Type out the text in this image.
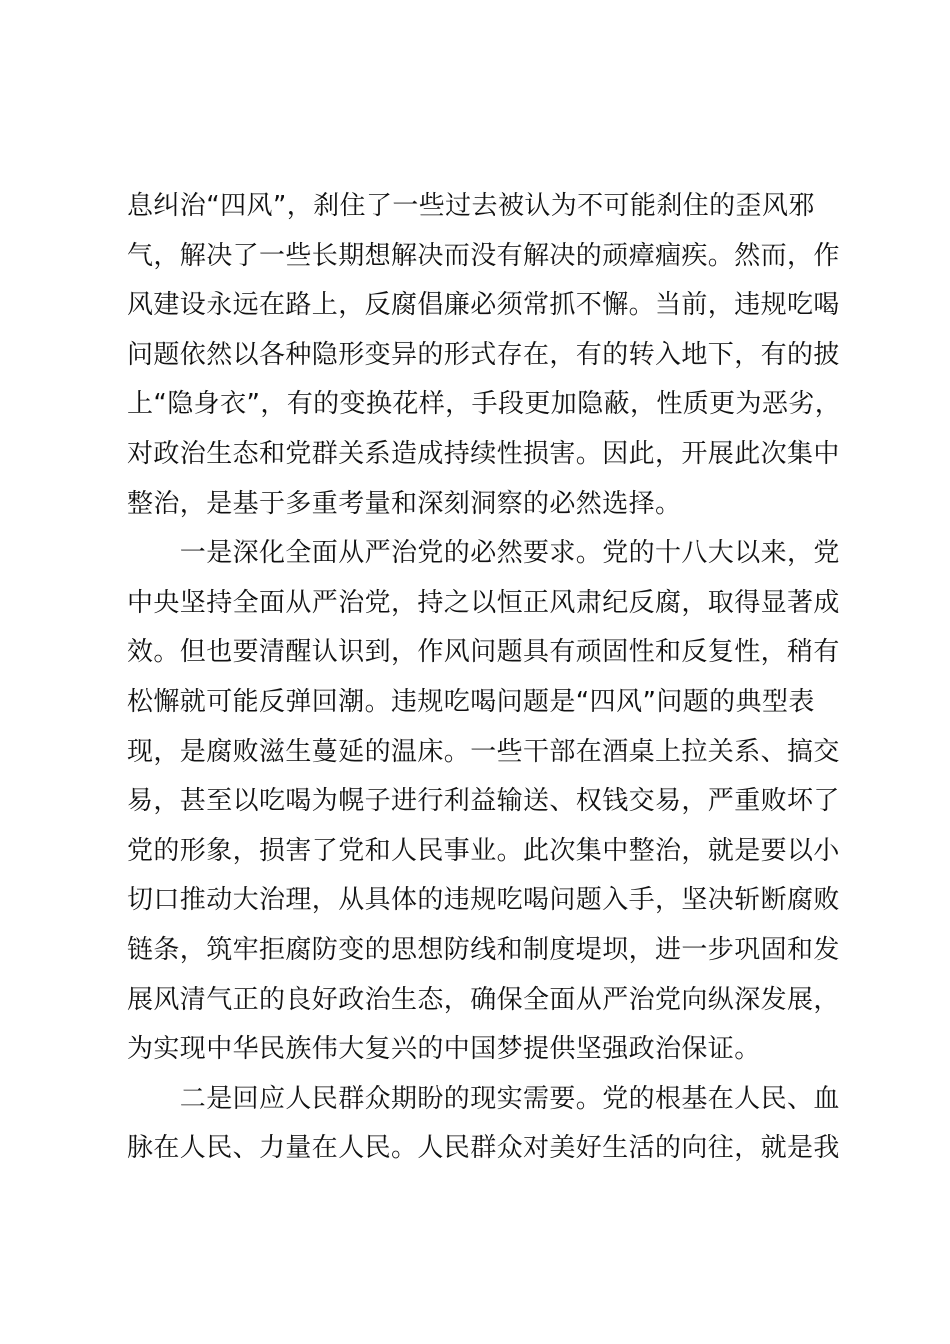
息纠治“四风”，刹住了一些过去被认为不可能刹住的歪风邪
气，解决了一些长期想解决而没有解决的顽瘴痼疾。然而，作
风建设永远在路上，反腐倡廉必须常抓不懈。当前，违规吃喝
问题依然以各种隐形变异的形式存在，有的转入地下，有的披
上“隐身衣”，有的变换花样，手段更加隐蔽，性质更为恶劣，
对政治生态和党群关系造成持续性损害。因此，开展此次集中
整治，是基于多重考量和深刻洞察的必然选择。
　　一是深化全面从严治党的必然要求。党的十八大以来，党
中央坚持全面从严治党，持之以恒正风肃纪反腐，取得显著成
效。但也要清醒认识到，作风问题具有顽固性和反复性，稍有
松懈就可能反弹回潮。违规吃喝问题是“四风”问题的典型表
现，是腐败滋生蔓延的温床。一些干部在酒桌上拉关系、搞交
易，甚至以吃喝为幌子进行利益输送、权钱交易，严重败坏了
党的形象，损害了党和人民事业。此次集中整治，就是要以小
切口推动大治理，从具体的违规吃喝问题入手，坚决斩断腐败
链条，筑牢拒腐防变的思想防线和制度堤坝，进一步巩固和发
展风清气正的良好政治生态，确保全面从严治党向纵深发展，
为实现中华民族伟大复兴的中国梦提供坚强政治保证。
　　二是回应人民群众期盼的现实需要。党的根基在人民、血
脉在人民、力量在人民。人民群众对美好生活的向往，就是我
